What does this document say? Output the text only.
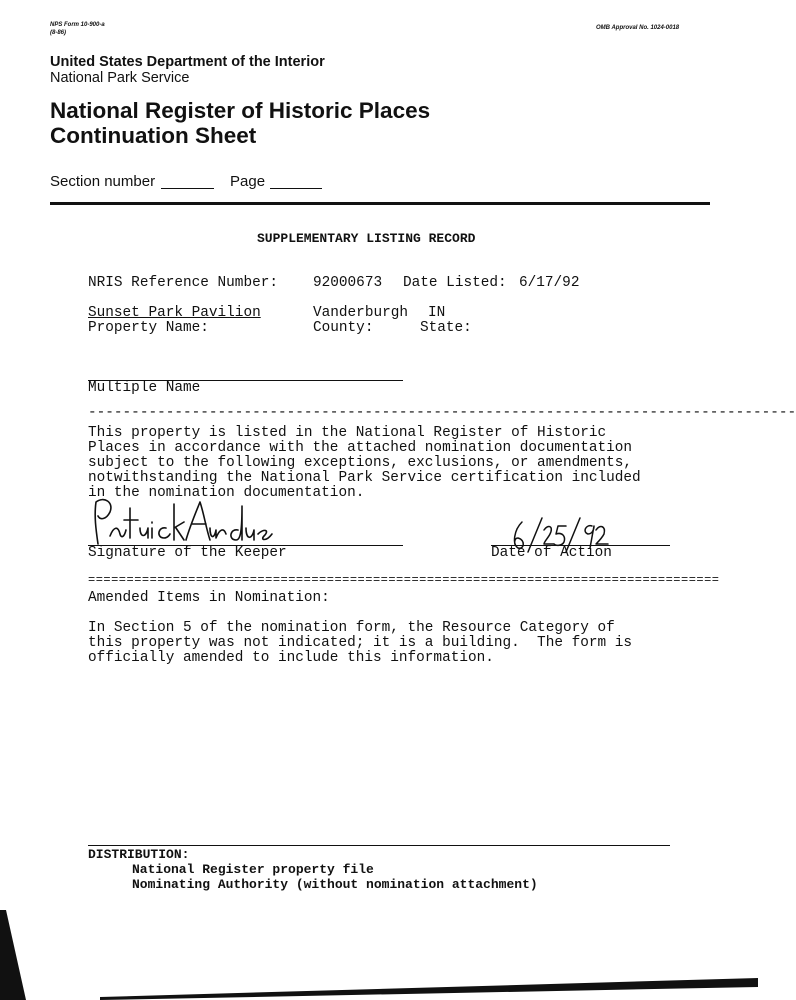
NPS Form 10-900-a
(8-86)
OMB Approval No. 1024-0018
United States Department of the Interior
National Park Service
National Register of Historic Places
Continuation Sheet
Section number	Page
SUPPLEMENTARY LISTING RECORD
NRIS Reference Number: 92000673 Date Listed: 6/17/92
Sunset Park Pavilion	Vanderburgh IN
Property Name:	County:	State:
Multiple Name
----------------------------------------------------------------------------------
This property is listed in the National Register of Historic
Places in accordance with the attached nomination documentation
subject to the following exceptions, exclusions, or amendments,
notwithstanding the National Park Service certification included
in the nomination documentation.
Signature of the Keeper	Date of Action
==================================================================================
Amended Items in Nomination:
In Section 5 of the nomination form, the Resource Category of
this property was not indicated; it is a building.  The form is
officially amended to include this information.
DISTRIBUTION:
National Register property file
Nominating Authority (without nomination attachment)
